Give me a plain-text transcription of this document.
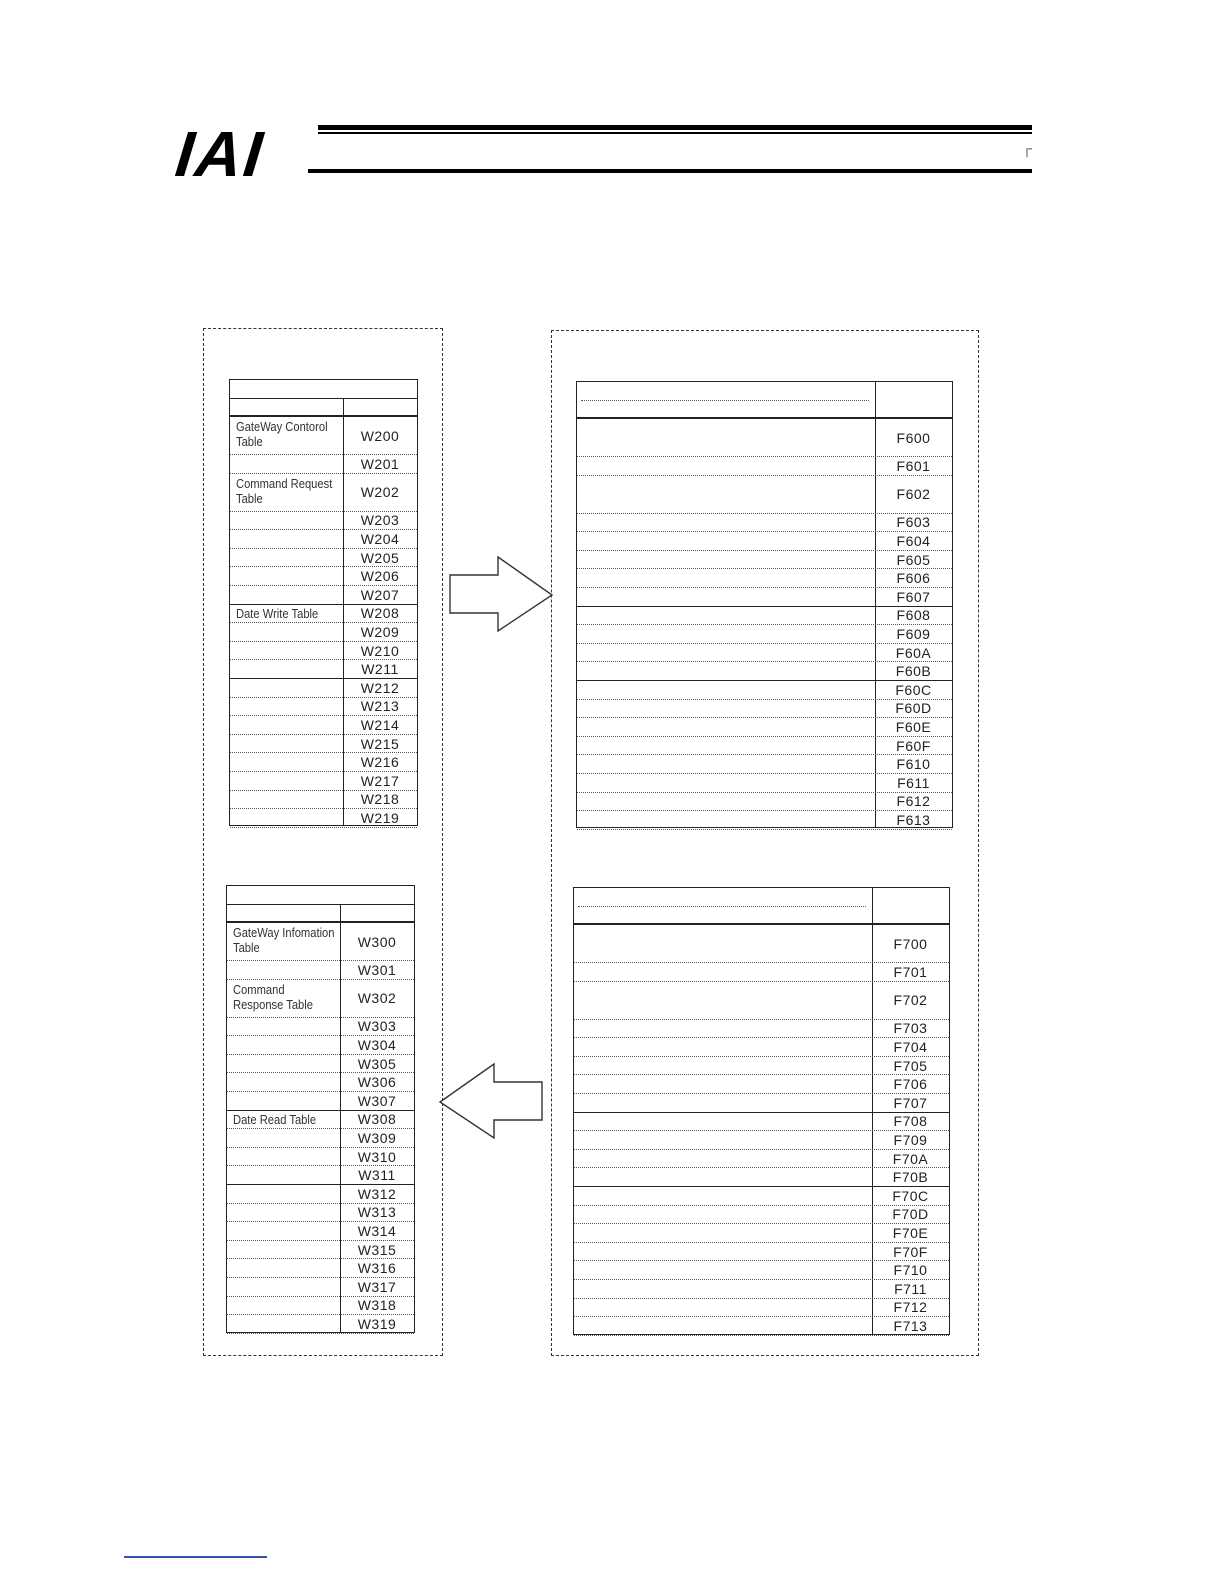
IAI	┌
GateWay Contorol
Table	W200
W201
Command Request
Table	W202
W203
W204
W205
W206
W207
Date Write Table	W208
W209
W210
W211
W212
W213
W214
W215
W216
W217
W218
W219
GateWay Infomation
Table	W300
W301
Command
Response Table	W302
W303
W304
W305
W306
W307
Date Read Table	W308
W309
W310
W311
W312
W313
W314
W315
W316
W317
W318
W319
F600
F601
F602
F603
F604
F605
F606
F607
F608
F609
F60A
F60B
F60C
F60D
F60E
F60F
F610
F611
F612
F613
F700
F701
F702
F703
F704
F705
F706
F707
F708
F709
F70A
F70B
F70C
F70D
F70E
F70F
F710
F711
F712
F713
